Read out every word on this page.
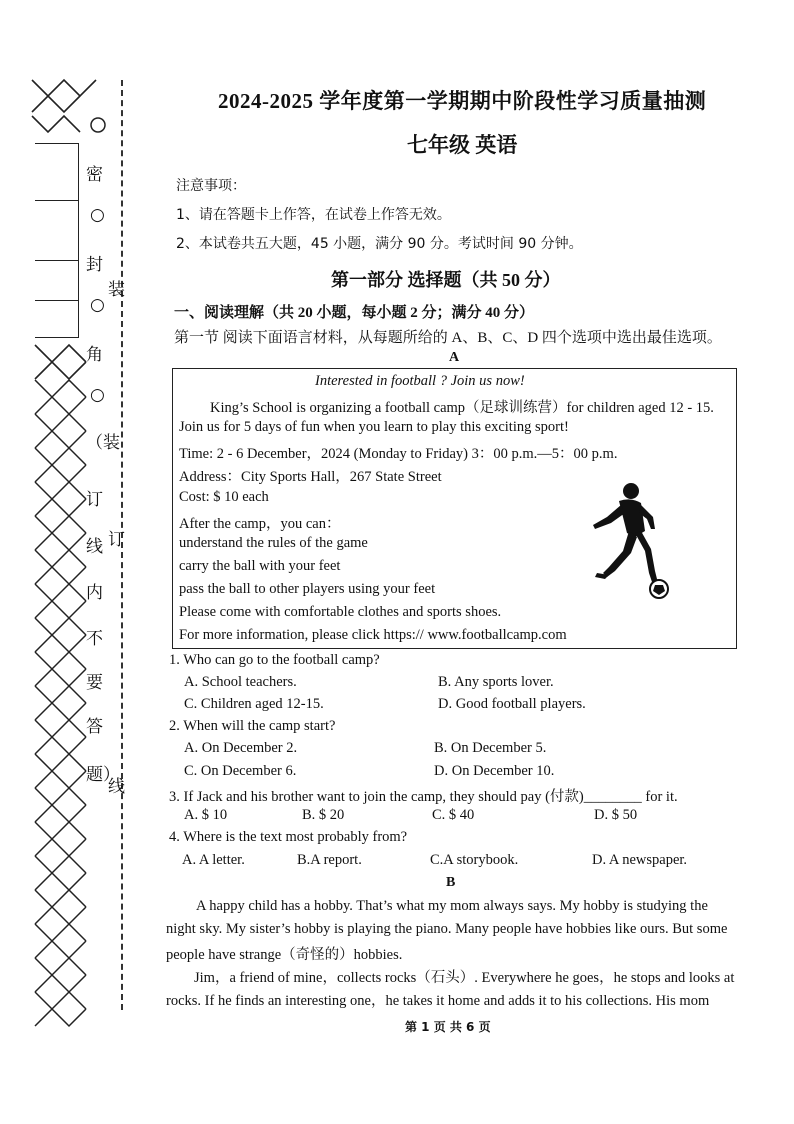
密
○
封
○
角
○
（装
订
线
内
不
要
答
题）
装
订
线
2024-2025 学年度第一学期期中阶段性学习质量抽测
七年级 英语
注意事项：
1、请在答题卡上作答，在试卷上作答无效。
2、本试卷共五大题，45 小题，满分 90 分。考试时间 90 分钟。
第一部分 选择题（共 50 分）
一、阅读理解（共 20 小题，每小题 2 分；满分 40 分）
第一节 阅读下面语言材料，从每题所给的 A、B、C、D 四个选项中选出最佳选项。
A
Interested in football ? Join us now!
King’s School is organizing a football camp（足球训练营）for children aged 12 - 15.
Join us for 5 days of fun when you learn to play this exciting sport!
Time: 2 - 6 December，2024 (Monday to Friday) 3：00 p.m.—5：00 p.m.
Address：City Sports Hall，267 State Street
Cost: $ 10 each
After the camp，you can：
understand the rules of the game
carry the ball with your feet
pass the ball to other players using your feet
Please come with comfortable clothes and sports shoes.
For more information, please click https:// www.footballcamp.com
1. Who can go to the football camp?
A. School teachers.	B. Any sports lover.
C. Children aged 12-15.	D. Good football players.
2. When will the camp start?
A. On December 2.	B. On December 5.
C. On December 6.	D. On December 10.
3. If Jack and his brother want to join the camp, they should pay (付款)________ for it.
A. $ 10	B. $ 20	C. $ 40	D. $ 50
4. Where is the text most probably from?
A. A letter.	B.A report.	C.A storybook.	D. A newspaper.
B
A happy child has a hobby. That’s what my mom always says. My hobby is studying the
night sky. My sister’s hobby is playing the piano. Many people have hobbies like ours. But some
people have strange（奇怪的）hobbies.
Jim，a friend of mine，collects rocks（石头）. Everywhere he goes，he stops and looks at
rocks. If he finds an interesting one，he takes it home and adds it to his collections. His mom
第 1 页 共 6 页
